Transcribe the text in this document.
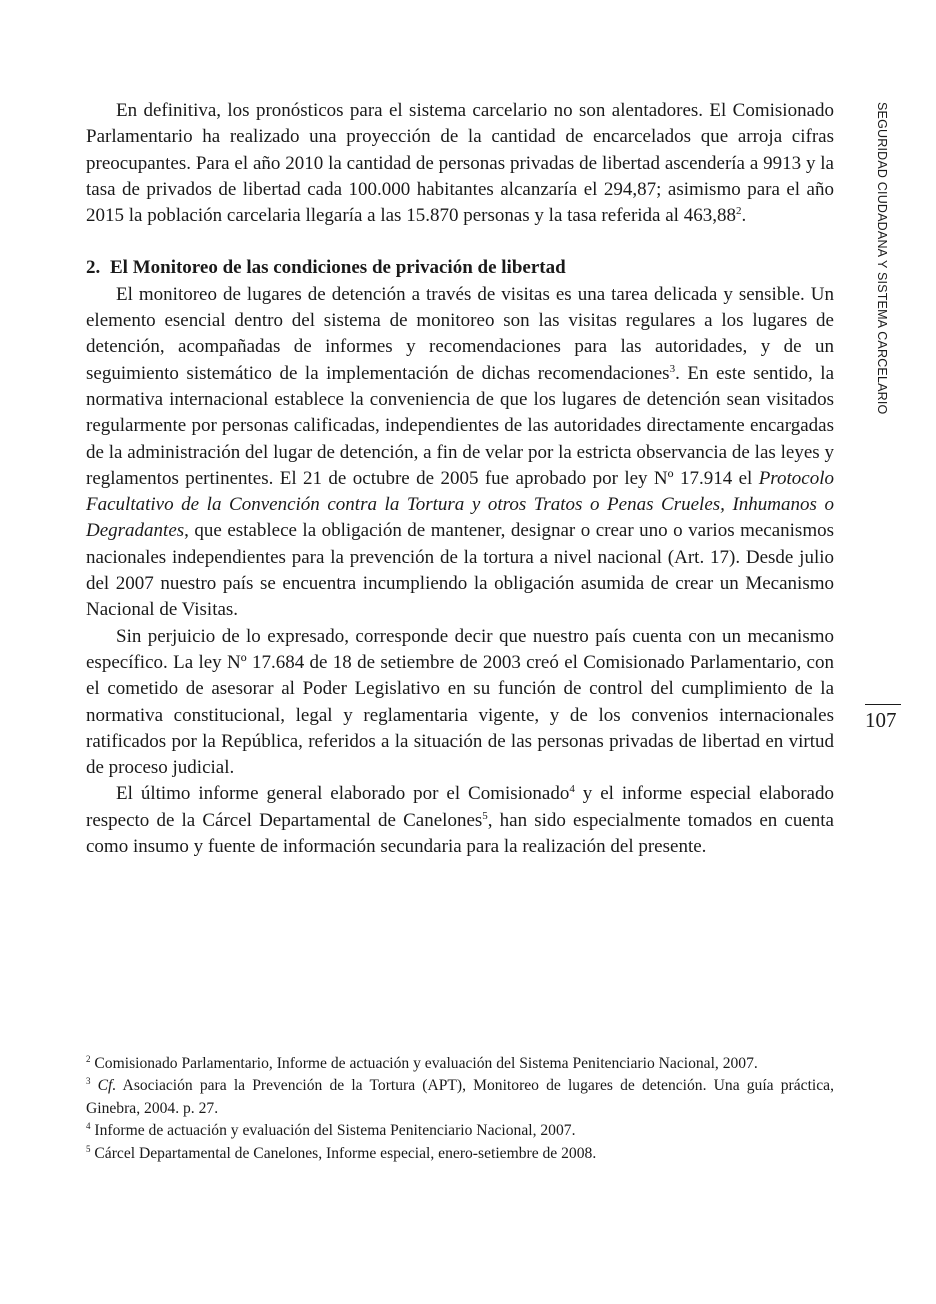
SEGURIDAD CIUDADANA Y SISTEMA CARCELARIO
107

En definitiva, los pronósticos para el sistema carcelario no son alentadores. El Comisionado Parlamentario ha realizado una proyección de la cantidad de encarcelados que arroja cifras preocupantes. Para el año 2010 la cantidad de personas privadas de libertad ascendería a 9913 y la tasa de privados de libertad cada 100.000 habitantes alcanzaría el 294,87; asimismo para el año 2015 la población carcelaria llegaría a las 15.870 personas y la tasa referida al 463,88$^2$.

2. El Monitoreo de las condiciones de privación de libertad

El monitoreo de lugares de detención a través de visitas es una tarea delicada y sensible. Un elemento esencial dentro del sistema de monitoreo son las visitas regulares a los lugares de detención, acompañadas de informes y recomendaciones para las autoridades, y de un seguimiento sistemático de la implementación de dichas recomendaciones$^3$. En este sentido, la normativa internacional establece la conveniencia de que los lugares de detención sean visitados regularmente por personas calificadas, independientes de las autoridades directamente encargadas de la administración del lugar de detención, a fin de velar por la estricta observancia de las leyes y reglamentos pertinentes. El 21 de octubre de 2005 fue aprobado por ley Nº 17.914 el Protocolo Facultativo de la Convención contra la Tortura y otros Tratos o Penas Crueles, Inhumanos o Degradantes, que establece la obligación de mantener, designar o crear uno o varios mecanismos nacionales independientes para la prevención de la tortura a nivel nacional (Art. 17). Desde julio del 2007 nuestro país se encuentra incumpliendo la obligación asumida de crear un Mecanismo Nacional de Visitas.

Sin perjuicio de lo expresado, corresponde decir que nuestro país cuenta con un mecanismo específico. La ley Nº 17.684 de 18 de setiembre de 2003 creó el Comisionado Parlamentario, con el cometido de asesorar al Poder Legislativo en su función de control del cumplimiento de la normativa constitucional, legal y reglamentaria vigente, y de los convenios internacionales ratificados por la República, referidos a la situación de las personas privadas de libertad en virtud de proceso judicial.

El último informe general elaborado por el Comisionado$^4$ y el informe especial elaborado respecto de la Cárcel Departamental de Canelones$^5$, han sido especialmente tomados en cuenta como insumo y fuente de información secundaria para la realización del presente.

$^2$ Comisionado Parlamentario, Informe de actuación y evaluación del Sistema Penitenciario Nacional, 2007.

$^3$ Cf. Asociación para la Prevención de la Tortura (APT), Monitoreo de lugares de detención. Una guía práctica, Ginebra, 2004. p. 27.

$^4$ Informe de actuación y evaluación del Sistema Penitenciario Nacional, 2007.

$^5$ Cárcel Departamental de Canelones, Informe especial, enero-setiembre de 2008.
